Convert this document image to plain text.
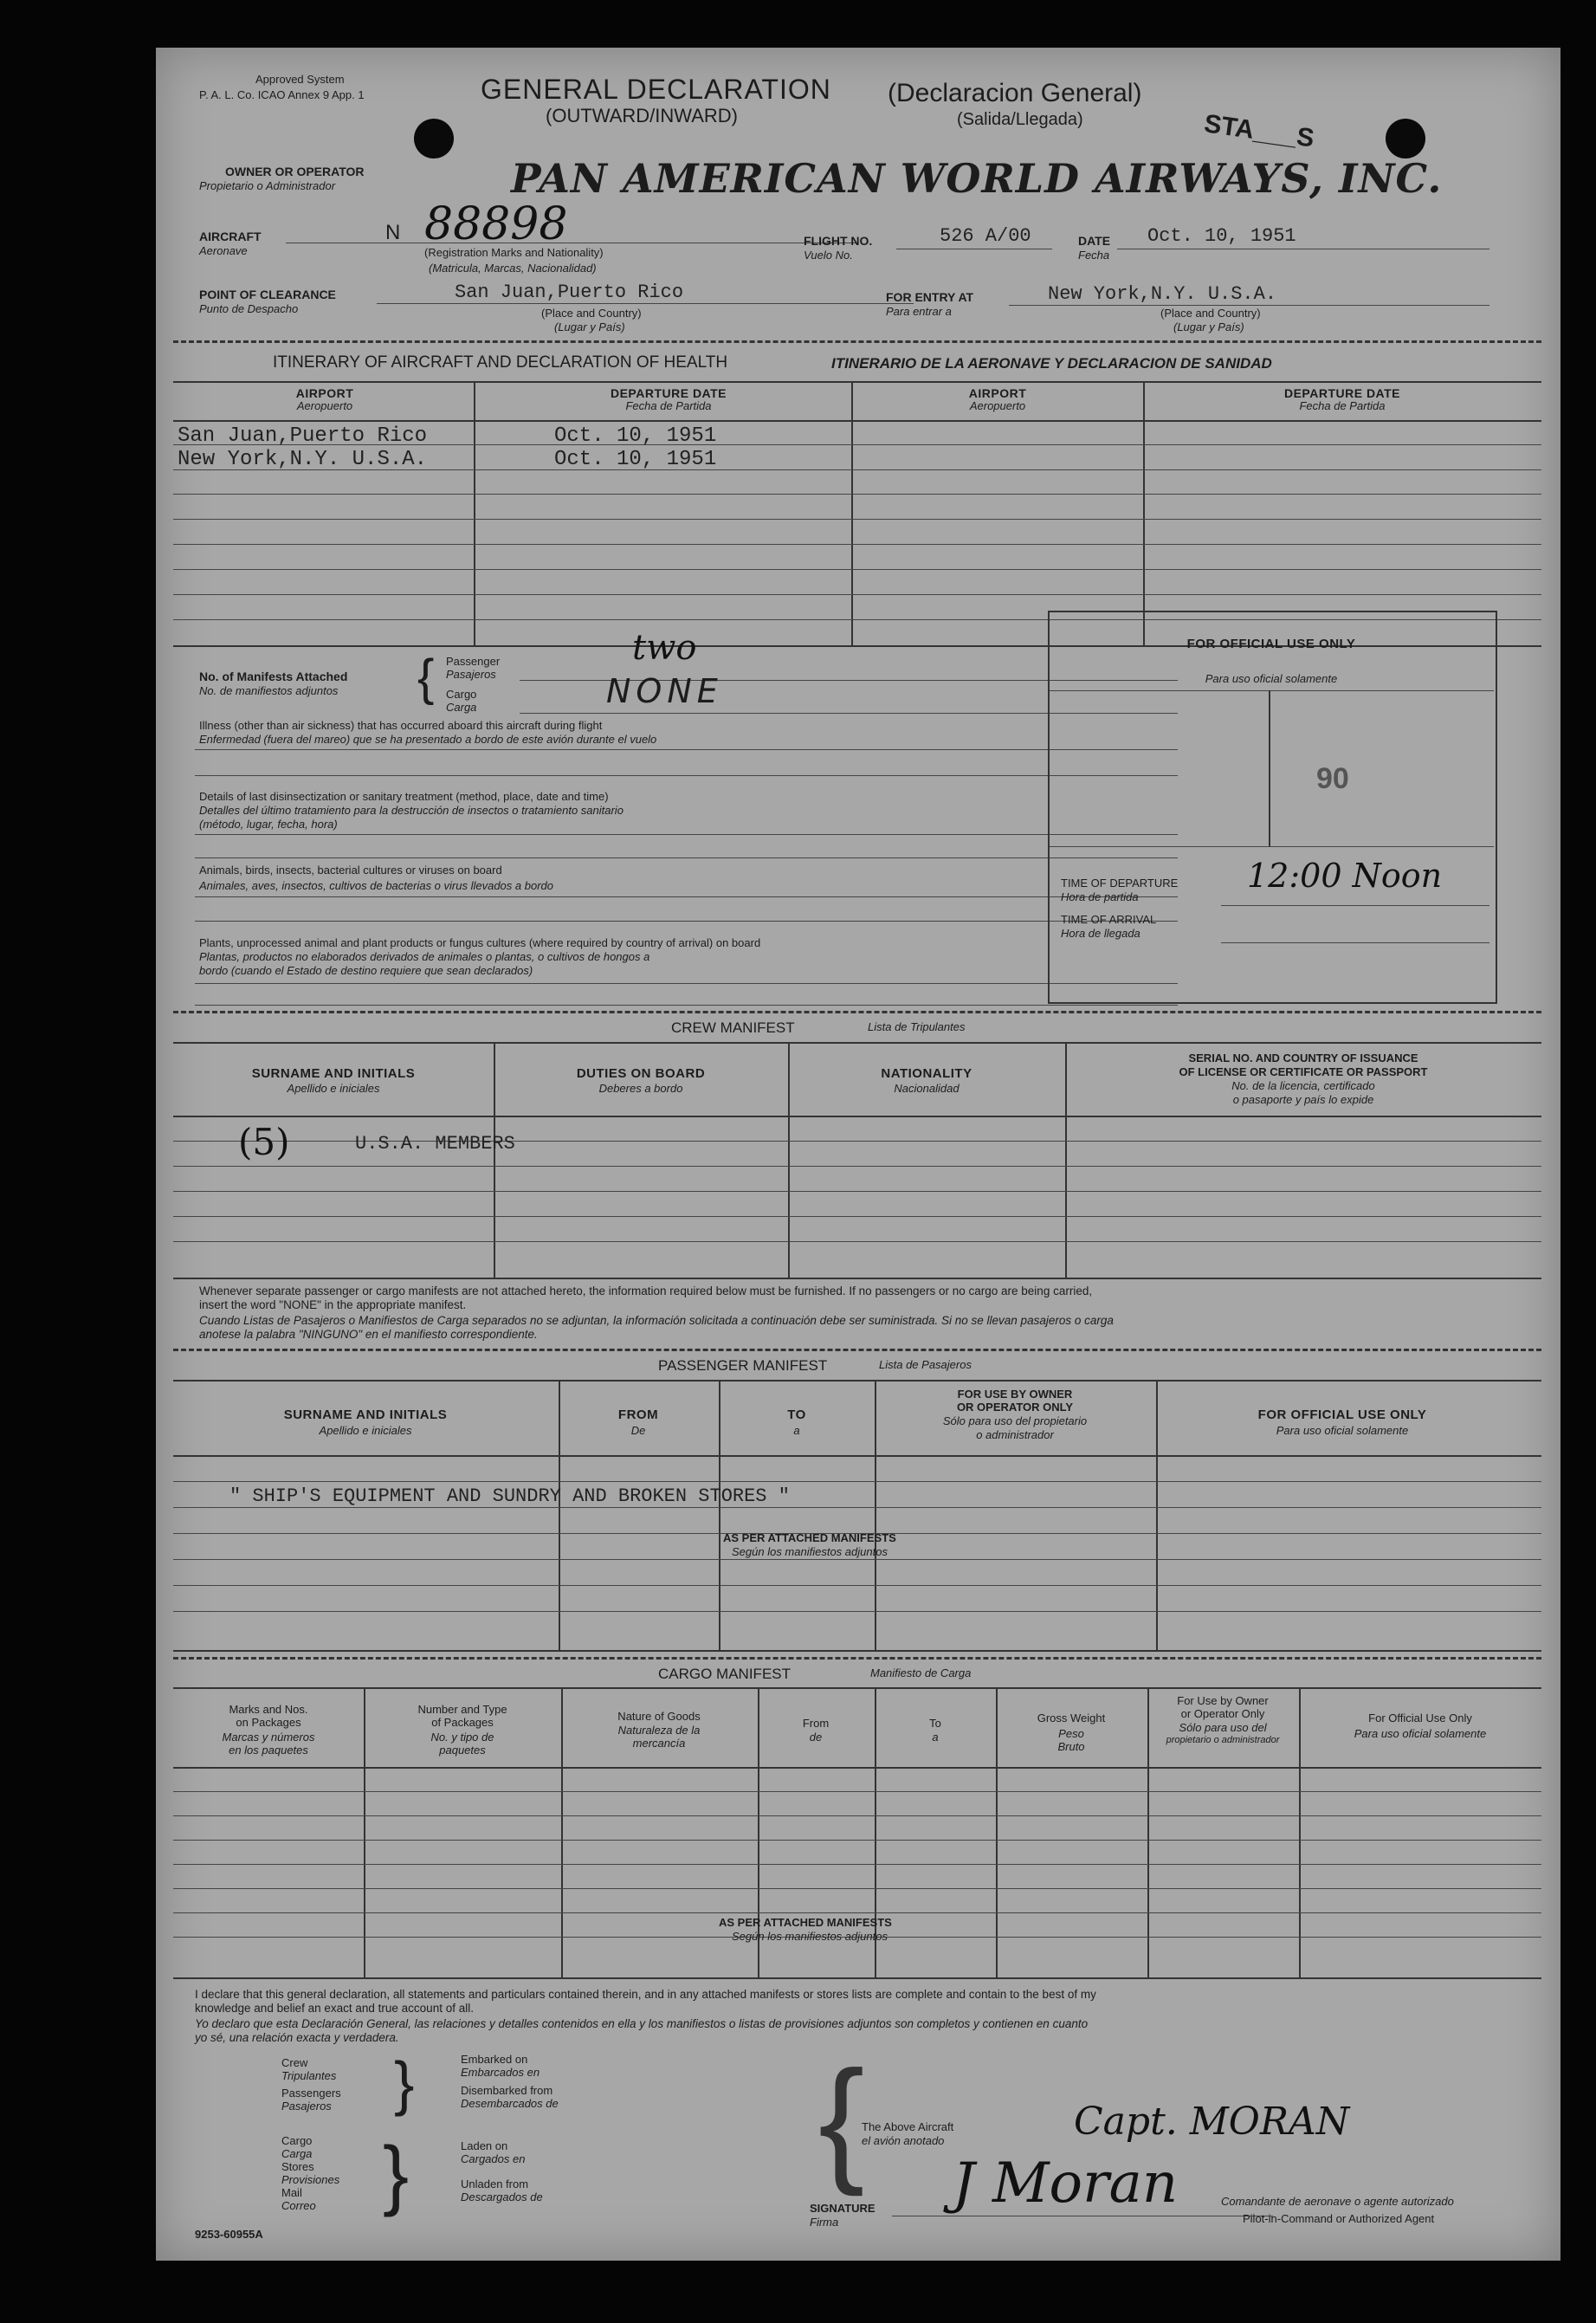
Approved System
P. A. L. Co. ICAO Annex 9 App. 1	GENERAL DECLARATION
(OUTWARD/INWARD)
(Declaracion General)
(Salida/Llegada)	STA___S
OWNER OR OPERATOR
Propietario o Administrador	PAN AMERICAN WORLD AIRWAYS, INC.
AIRCRAFT
Aeronave
N 88898
(Registration Marks and Nationality)
(Matricula, Marcas, Nacionalidad)
FLIGHT NO.
Vuelo No.
526 A/00	DATE
Fecha
Oct. 10, 1951
POINT OF CLEARANCE
Punto de Despacho
San Juan,Puerto Rico
(Place and Country)
(Lugar y País)
FOR ENTRY AT
Para entrar a
New York,N.Y. U.S.A.
(Place and Country)
(Lugar y País)
ITINERARY OF AIRCRAFT AND DECLARATION OF HEALTH	ITINERARIO DE LA AERONAVE Y DECLARACION DE SANIDAD
AIRPORT
Aeropuerto
DEPARTURE DATE
Fecha de Partida
AIRPORT
Aeropuerto
DEPARTURE DATE
Fecha de Partida
San Juan,Puerto Rico	Oct. 10, 1951
New York,N.Y. U.S.A.	Oct. 10, 1951
No. of Manifests Attached
No. de manifiestos adjuntos { Passenger
Pasajeros
Cargo
Carga
two
NONE
Illness (other than air sickness) that has occurred aboard this aircraft during flight
Enfermedad (fuera del mareo) que se ha presentado a bordo de este avión durante el vuelo
Details of last disinsectization or sanitary treatment (method, place, date and time)
Detalles del último tratamiento para la destrucción de insectos o tratamiento sanitario
(método, lugar, fecha, hora)
Animals, birds, insects, bacterial cultures or viruses on board
Animales, aves, insectos, cultivos de bacterias o virus llevados a bordo
Plants, unprocessed animal and plant products or fungus cultures (where required by country of arrival) on board
Plantas, productos no elaborados derivados de animales o plantas, o cultivos de hongos a
bordo (cuando el Estado de destino requiere que sean declarados)
FOR OFFICIAL USE ONLY
Para uso oficial solamente
90
TIME OF DEPARTURE
Hora de partida
12:00 Noon
TIME OF ARRIVAL
Hora de llegada
CREW MANIFEST	Lista de Tripulantes
SURNAME AND INITIALS
Apellido e iniciales
DUTIES ON BOARD
Deberes a bordo
NATIONALITY
Nacionalidad
SERIAL NO. AND COUNTRY OF ISSUANCE
OF LICENSE OR CERTIFICATE OR PASSPORT
No. de la licencia, certificado
o pasaporte y país lo expide
(5)	U.S.A. MEMBERS
Whenever separate passenger or cargo manifests are not attached hereto, the information required below must be furnished. If no passengers or no cargo are being carried,
insert the word "NONE" in the appropriate manifest.
Cuando Listas de Pasajeros o Manifiestos de Carga separados no se adjuntan, la información solicitada a continuación debe ser suministrada. Si no se llevan pasajeros o carga
anotese la palabra "NINGUNO" en el manifiesto correspondiente.
PASSENGER MANIFEST	Lista de Pasajeros
SURNAME AND INITIALS
Apellido e iniciales
FROM
De
TO
a
FOR USE BY OWNER
OR OPERATOR ONLY
Sólo para uso del propietario
o administrador
FOR OFFICIAL USE ONLY
Para uso oficial solamente
" SHIP'S EQUIPMENT AND SUNDRY AND BROKEN STORES "
AS PER ATTACHED MANIFESTS
Según los manifiestos adjuntos
CARGO MANIFEST	Manifiesto de Carga
Marks and Nos.
on Packages
Marcas y números
en los paquetes
Number and Type
of Packages
No. y tipo de
paquetes
Nature of Goods
Naturaleza de la
mercancía
From
de
To
a
Gross Weight
Peso
Bruto
For Use by Owner
or Operator Only
Sólo para uso del
propietario o administrador
For Official Use Only
Para uso oficial solamente
AS PER ATTACHED MANIFESTS
Según los manifiestos adjuntos
I declare that this general declaration, all statements and particulars contained therein, and in any attached manifests or stores lists are complete and contain to the best of my
knowledge and belief an exact and true account of all.
Yo declaro que esta Declaración General, las relaciones y detalles contenidos en ella y los manifiestos o listas de provisiones adjuntos son completos y contienen en cuanto
yo sé, una relación exacta y verdadera.
Crew
Tripulantes
Passengers
Pasajeros }	Embarked on
Embarcados en
Disembarked from
Desembarcados de
Cargo
Carga
Stores
Provisiones
Mail
Correo }	Laden on
Cargados en
Unladen from
Descargados de
{
The Above Aircraft
el avión anotado	Capt. MORAN
SIGNATURE
Firma
J Moran	Comandante de aeronave o agente autorizado
Pilot-in-Command or Authorized Agent
9253-60955A
